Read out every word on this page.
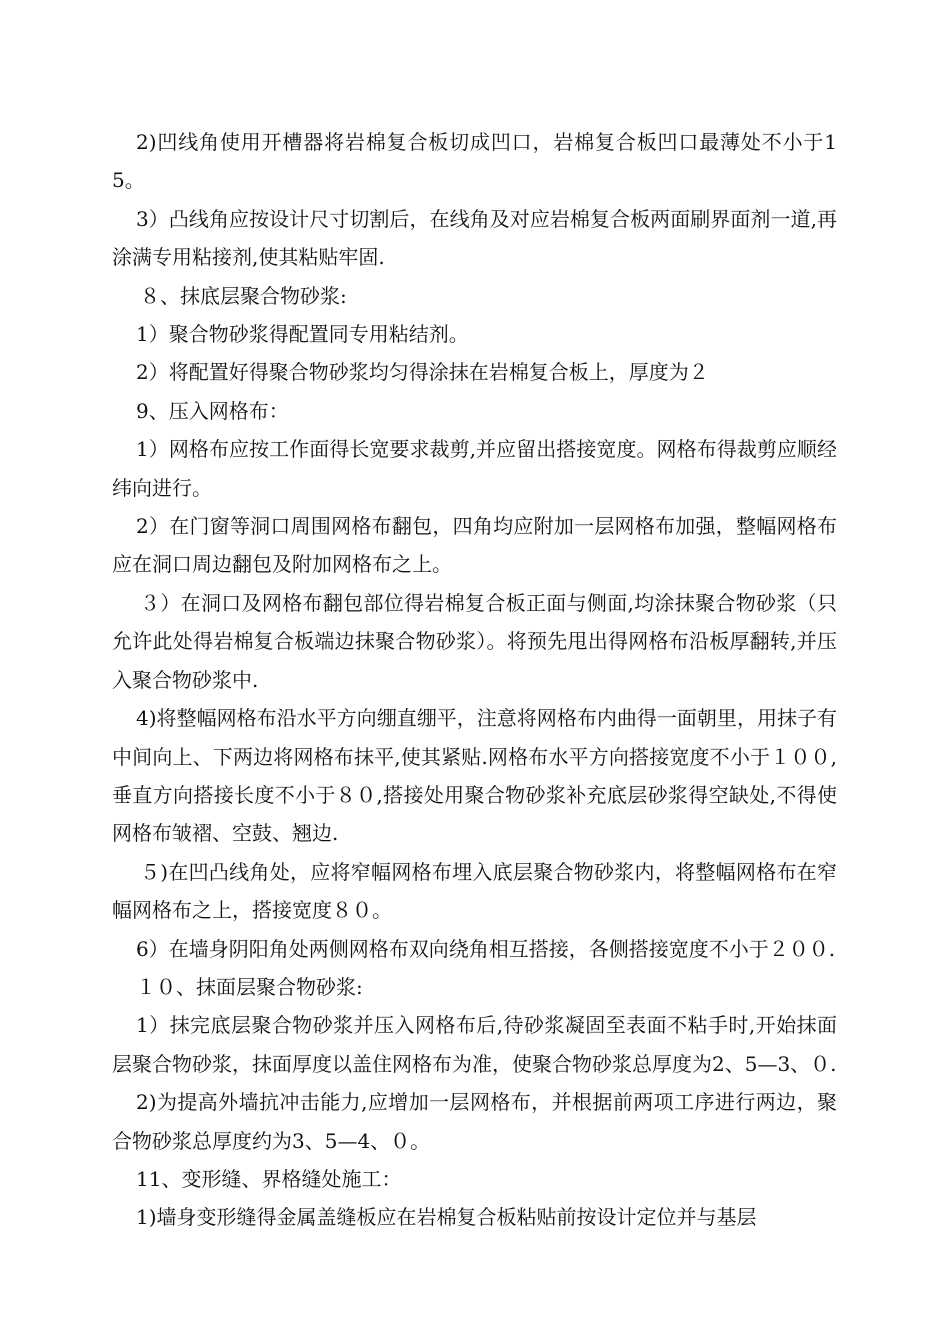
2)凹线角使用开槽器将岩棉复合板切成凹口，岩棉复合板凹口最薄处不小于15。

3）凸线角应按设计尺寸切割后，在线角及对应岩棉复合板两面刷界面剂一道,再涂满专用粘接剂,使其粘贴牢固.

８、抹底层聚合物砂浆:

1）聚合物砂浆得配置同专用粘结剂。

2）将配置好得聚合物砂浆均匀得涂抹在岩棉复合板上，厚度为２

9、压入网格布：

1）网格布应按工作面得长宽要求裁剪,并应留出搭接宽度。网格布得裁剪应顺经纬向进行。

2）在门窗等洞口周围网格布翻包，四角均应附加一层网格布加强，整幅网格布应在洞口周边翻包及附加网格布之上。

３）在洞口及网格布翻包部位得岩棉复合板正面与侧面,均涂抹聚合物砂浆（只允许此处得岩棉复合板端边抹聚合物砂浆）。将预先甩出得网格布沿板厚翻转,并压入聚合物砂浆中.

4)将整幅网格布沿水平方向绷直绷平，注意将网格布内曲得一面朝里，用抹子有中间向上、下两边将网格布抹平,使其紧贴.网格布水平方向搭接宽度不小于１００,垂直方向搭接长度不小于８０,搭接处用聚合物砂浆补充底层砂浆得空缺处,不得使网格布皱褶、空鼓、翘边.

５)在凹凸线角处，应将窄幅网格布埋入底层聚合物砂浆内，将整幅网格布在窄幅网格布之上，搭接宽度８０。

6）在墙身阴阳角处两侧网格布双向绕角相互搭接，各侧搭接宽度不小于２００.

１０、抹面层聚合物砂浆:

1）抹完底层聚合物砂浆并压入网格布后,待砂浆凝固至表面不粘手时,开始抹面层聚合物砂浆，抹面厚度以盖住网格布为准，使聚合物砂浆总厚度为2、5—3、０.

2)为提高外墙抗冲击能力,应增加一层网格布，并根据前两项工序进行两边，聚合物砂浆总厚度约为3、5—4、０。

11、变形缝、界格缝处施工：

1)墙身变形缝得金属盖缝板应在岩棉复合板粘贴前按设计定位并与基层
